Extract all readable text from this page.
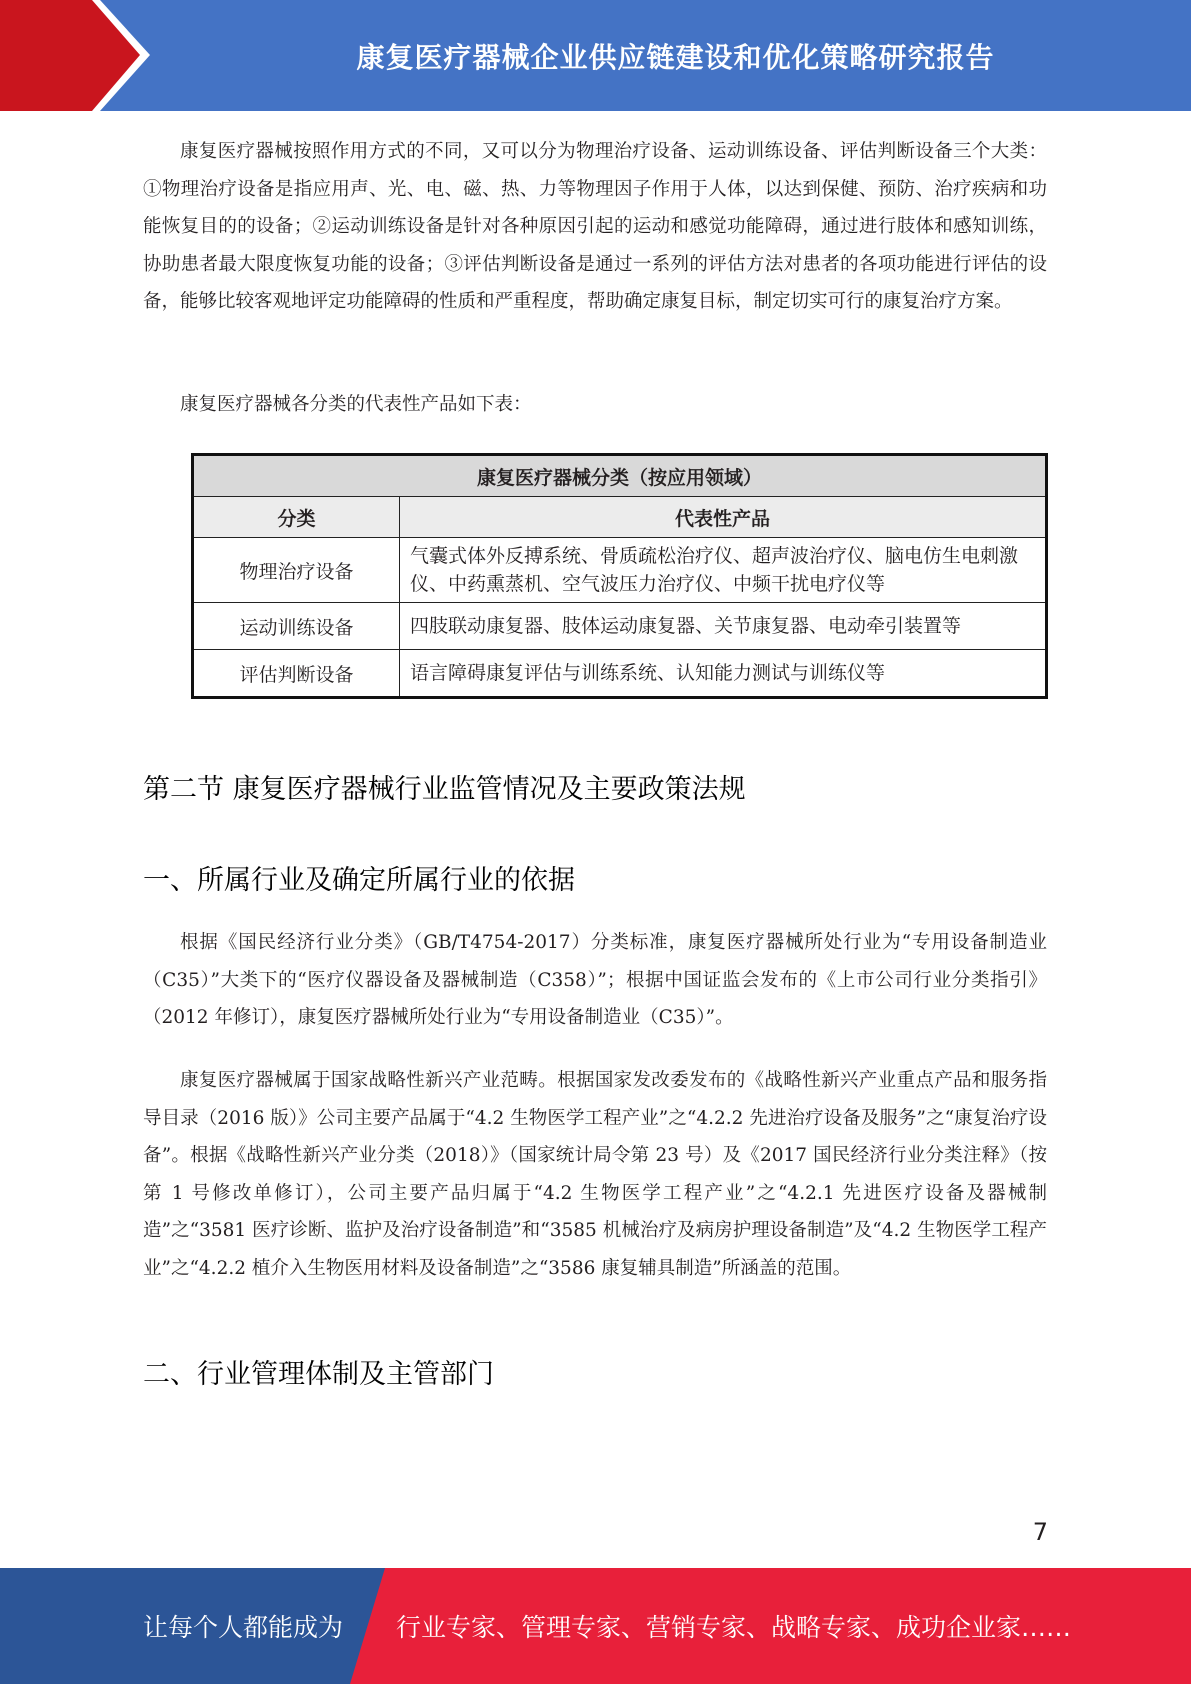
康复医疗器械企业供应链建设和优化策略研究报告

康复医疗器械按照作用方式的不同，又可以分为物理治疗设备、运动训练设备、评估判断设备三个大类：①物理治疗设备是指应用声、光、电、磁、热、力等物理因子作用于人体，以达到保健、预防、治疗疾病和功能恢复目的的设备；②运动训练设备是针对各种原因引起的运动和感觉功能障碍，通过进行肢体和感知训练，协助患者最大限度恢复功能的设备；③评估判断设备是通过一系列的评估方法对患者的各项功能进行评估的设备，能够比较客观地评定功能障碍的性质和严重程度，帮助确定康复目标，制定切实可行的康复治疗方案。

康复医疗器械各分类的代表性产品如下表：

康复医疗器械分类（按应用领域）	
分类	代表性产品
物理治疗设备	气囊式体外反搏系统、骨质疏松治疗仪、超声波治疗仪、脑电仿生电刺激仪、中药熏蒸机、空气波压力治疗仪、中频干扰电疗仪等
运动训练设备	四肢联动康复器、肢体运动康复器、关节康复器、电动牵引装置等
评估判断设备	语言障碍康复评估与训练系统、认知能力测试与训练仪等
第二节 康复医疗器械行业监管情况及主要政策法规
一、所属行业及确定所属行业的依据

根据《国民经济行业分类》（GB/T4754-2017）分类标准，康复医疗器械所处行业为“专用设备制造业（C35）”大类下的“医疗仪器设备及器械制造（C358）”；根据中国证监会发布的《上市公司行业分类指引》（2012 年修订），康复医疗器械所处行业为“专用设备制造业（C35）”。

康复医疗器械属于国家战略性新兴产业范畴。根据国家发改委发布的《战略性新兴产业重点产品和服务指导目录（2016 版）》公司主要产品属于“4.2 生物医学工程产业”之“4.2.2 先进治疗设备及服务”之“康复治疗设备”。根据《战略性新兴产业分类（2018）》（国家统计局令第 23 号）及《2017 国民经济行业分类注释》（按第 1 号修改单修订），公司主要产品归属于“4.2 生物医学工程产业”之“4.2.1 先进医疗设备及器械制造”之“3581 医疗诊断、监护及治疗设备制造”和“3585 机械治疗及病房护理设备制造”及“4.2 生物医学工程产业”之“4.2.2 植介入生物医用材料及设备制造”之“3586 康复辅具制造”所涵盖的范围。

二、行业管理体制及主管部门
7
让每个人都能成为 行业专家、管理专家、营销专家、战略专家、成功企业家……
